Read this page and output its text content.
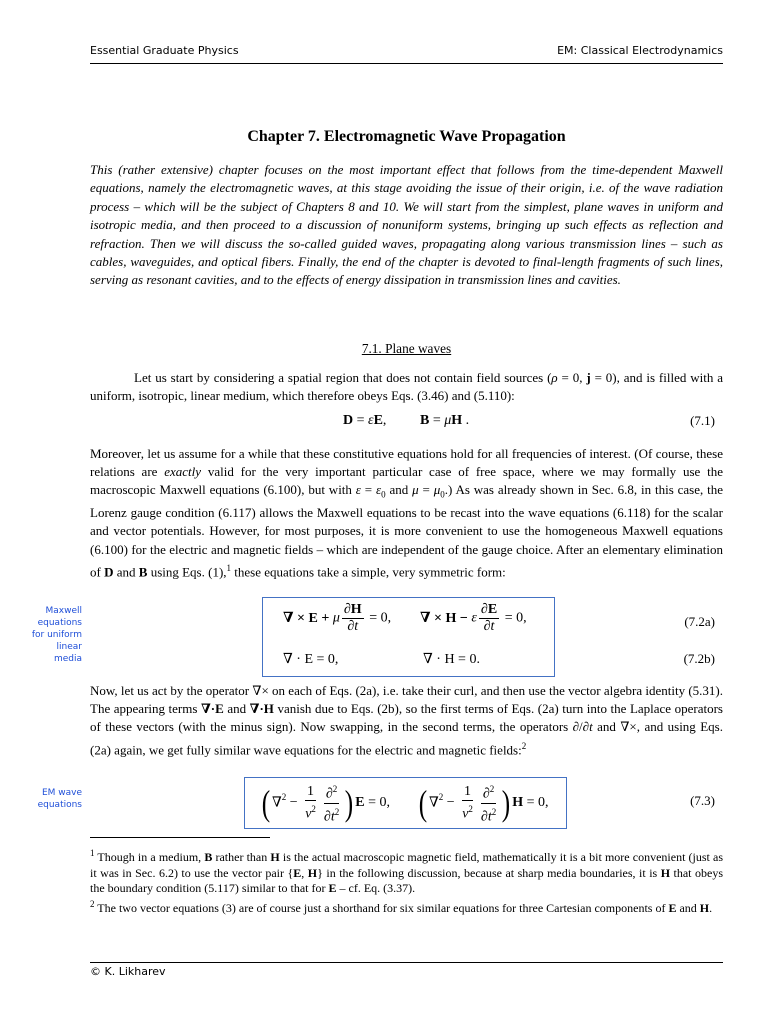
Essential Graduate Physics	EM: Classical Electrodynamics
Chapter 7. Electromagnetic Wave Propagation
This (rather extensive) chapter focuses on the most important effect that follows from the time-dependent Maxwell equations, namely the electromagnetic waves, at this stage avoiding the issue of their origin, i.e. of the wave radiation process – which will be the subject of Chapters 8 and 10. We will start from the simplest, plane waves in uniform and isotropic media, and then proceed to a discussion of nonuniform systems, bringing up such effects as reflection and refraction. Then we will discuss the so-called guided waves, propagating along various transmission lines – such as cables, waveguides, and optical fibers. Finally, the end of the chapter is devoted to final-length fragments of such lines, serving as resonant cavities, and to the effects of energy dissipation in transmission lines and cavities.
7.1. Plane waves
Let us start by considering a spatial region that does not contain field sources (ρ = 0, j = 0), and is filled with a uniform, isotropic, linear medium, which therefore obeys Eqs. (3.46) and (5.110):
D = εE, B = μH .	(7.1)
Moreover, let us assume for a while that these constitutive equations hold for all frequencies of interest. (Of course, these relations are exactly valid for the very important particular case of free space, where we may formally use the macroscopic Maxwell equations (6.100), but with $\varepsilon = \varepsilon_0$ and $\mu = \mu_0$.) As was already shown in Sec. 6.8, in this case, the Lorenz gauge condition (6.117) allows the Maxwell equations to be recast into the wave equations (6.118) for the scalar and vector potentials. However, for most purposes, it is more convenient to use the homogeneous Maxwell equations (6.100) for the electric and magnetic fields – which are independent of the gauge choice. After an elementary elimination of D and B using Eqs. (1),$^1$ these equations take a simple, very symmetric form:
Maxwell
equations
for uniform
linear
media
∇ × E + μ $\frac{\partial H}{\partial t} = 0$, ∇ × H − ε $\frac{\partial E}{\partial t} = 0$,	(7.2a)
∇ · E = 0,	∇ · H = 0.	(7.2b)
Now, let us act by the operator ∇× on each of Eqs. (2a), i.e. take their curl, and then use the vector algebra identity (5.31). The appearing terms ∇·E and ∇·H vanish due to Eqs. (2b), so the first terms of Eqs. (2a) turn into the Laplace operators of these vectors (with the minus sign). Now swapping, in the second terms, the operators ∂/∂t and ∇×, and using Eqs. (2a) again, we get fully similar wave equations for the electric and magnetic fields:$^2$
EM wave
equations	( $\nabla^2 - \frac{1}{v^2} \frac{\partial^2}{\partial t^2}$ ) E = 0, ( $\nabla^2 - \frac{1}{v^2} \frac{\partial^2}{\partial t^2}$ ) H = 0,	(7.3)
$^1$ Though in a medium, B rather than H is the actual macroscopic magnetic field, mathematically it is a bit more convenient (just as it was in Sec. 6.2) to use the vector pair {E, H} in the following discussion, because at sharp media boundaries, it is H that obeys the boundary condition (5.117) similar to that for E – cf. Eq. (3.37).
$^2$ The two vector equations (3) are of course just a shorthand for six similar equations for three Cartesian components of E and H.
© K. Likharev
